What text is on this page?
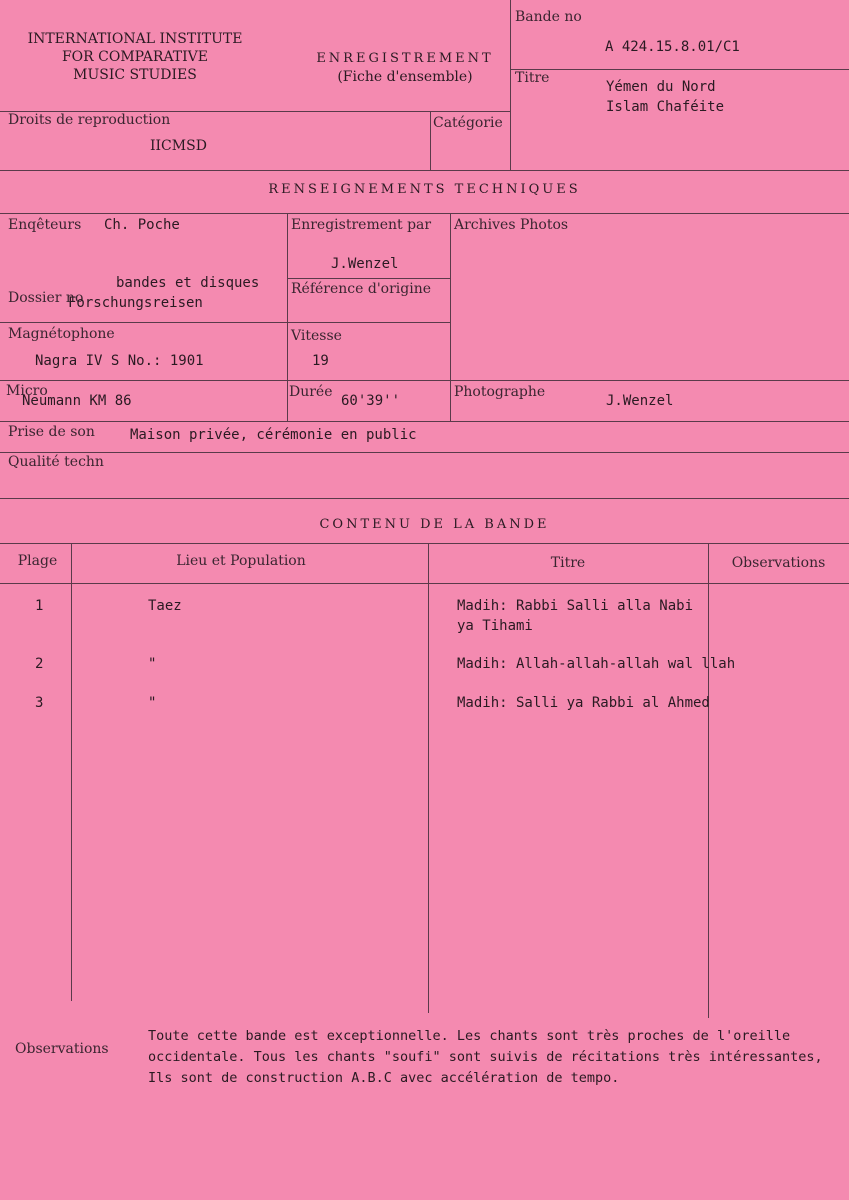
INTERNATIONAL INSTITUTE
FOR COMPARATIVE
MUSIC STUDIES
ENREGISTREMENT
(Fiche d'ensemble)
Bande no
A 424.15.8.01/C1
Titre
Yémen du Nord
Islam Chaféite
Droits de reproduction
IICMSD
Catégorie
RENSEIGNEMENTS TECHNIQUES
Enqêteurs Ch. Poche	Enregistrement par
J.Wenzel
Archives Photos
Référence d'origine
Dossier no
bandes et disques
Forschungsreisen
Magnétophone
Nagra IV S No.: 1901
Vitesse
19
Micro
Neumann KM 86
Durée
60'39''
Photographe
J.Wenzel
Prise de son	Maison privée, cérémonie en public
Qualité techn
CONTENU DE LA BANDE
Plage	Lieu et Population	Titre	Observations
1	Taez	Madih: Rabbi Salli alla Nabi
ya Tihami
2	"	Madih: Allah-allah-allah wal llah
3	"	Madih: Salli ya Rabbi al Ahmed
Observations
Toute cette bande est exceptionnelle. Les chants sont très proches de l'oreille
occidentale. Tous les chants "soufi" sont suivis de récitations très intéressantes,
Ils sont de construction A.B.C avec accélération de tempo.
